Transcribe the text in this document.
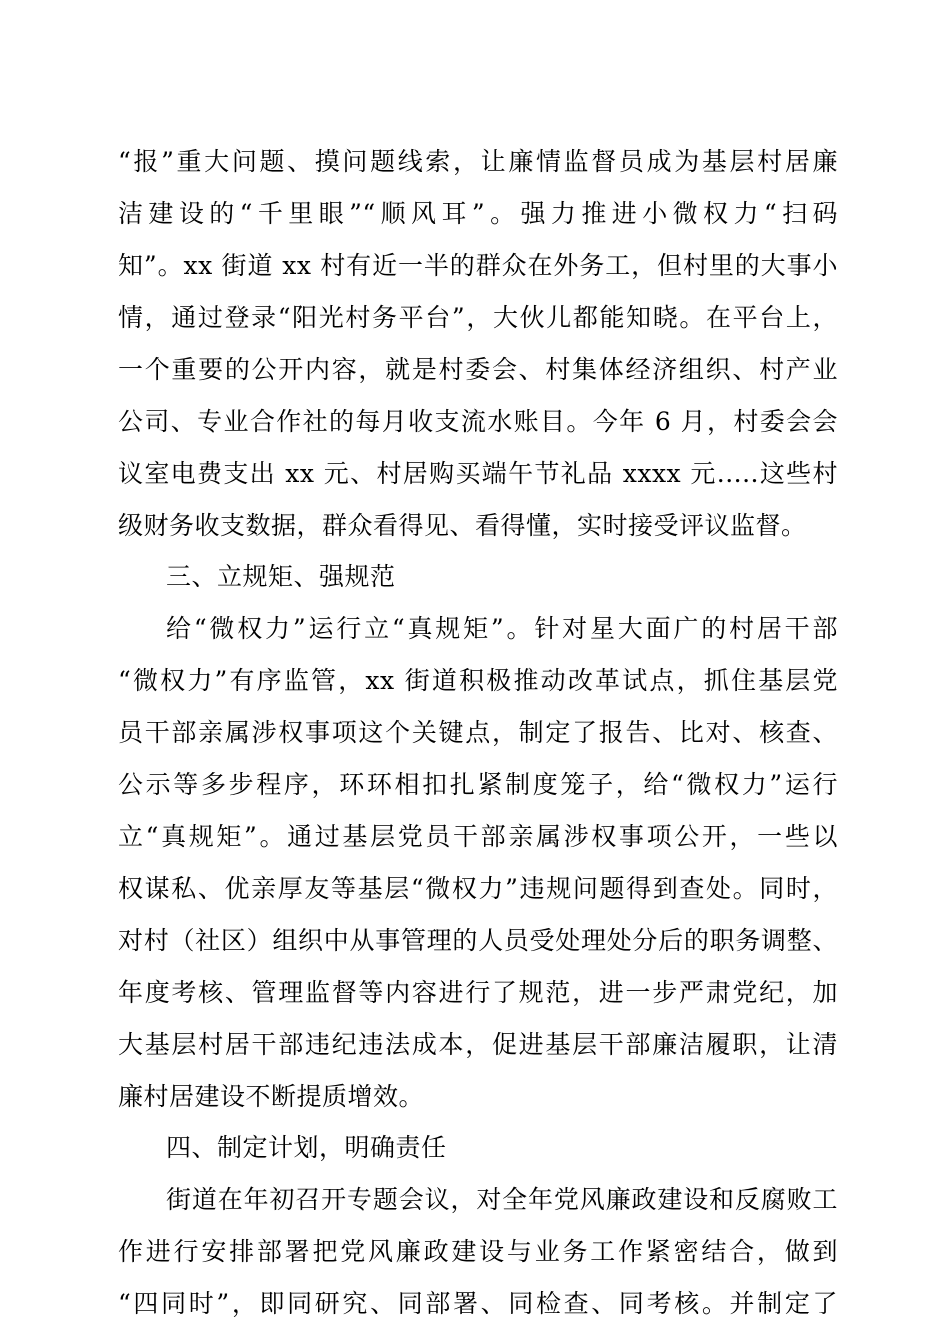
“报”重大问题、摸问题线索，让廉情监督员成为基层村居廉
洁建设的“千里眼”“顺风耳”。强力推进小微权力“扫码
知”。xx 街道 xx 村有近一半的群众在外务工，但村里的大事小
情，通过登录“阳光村务平台”，大伙儿都能知晓。在平台上，
一个重要的公开内容，就是村委会、村集体经济组织、村产业
公司、专业合作社的每月收支流水账目。今年 6 月，村委会会
议室电费支出 xx 元、村居购买端午节礼品 xxxx 元.....这些村
级财务收支数据，群众看得见、看得懂，实时接受评议监督。
三、立规矩、强规范
给“微权力”运行立“真规矩”。针对星大面广的村居干部
“微权力”有序监管，xx 街道积极推动改革试点，抓住基层党
员干部亲属涉权事项这个关键点，制定了报告、比对、核查、
公示等多步程序，环环相扣扎紧制度笼子，给“微权力”运行
立“真规矩”。通过基层党员干部亲属涉权事项公开，一些以
权谋私、优亲厚友等基层“微权力”违规问题得到查处。同时，
对村（社区）组织中从事管理的人员受处理处分后的职务调整、
年度考核、管理监督等内容进行了规范，进一步严肃党纪，加
大基层村居干部违纪违法成本，促进基层干部廉洁履职，让清
廉村居建设不断提质增效。
四、制定计划，明确责任
街道在年初召开专题会议，对全年党风廉政建设和反腐败工
作进行安排部署把党风廉政建设与业务工作紧密结合，做到
“四同时”，即同研究、同部署、同检查、同考核。并制定了
